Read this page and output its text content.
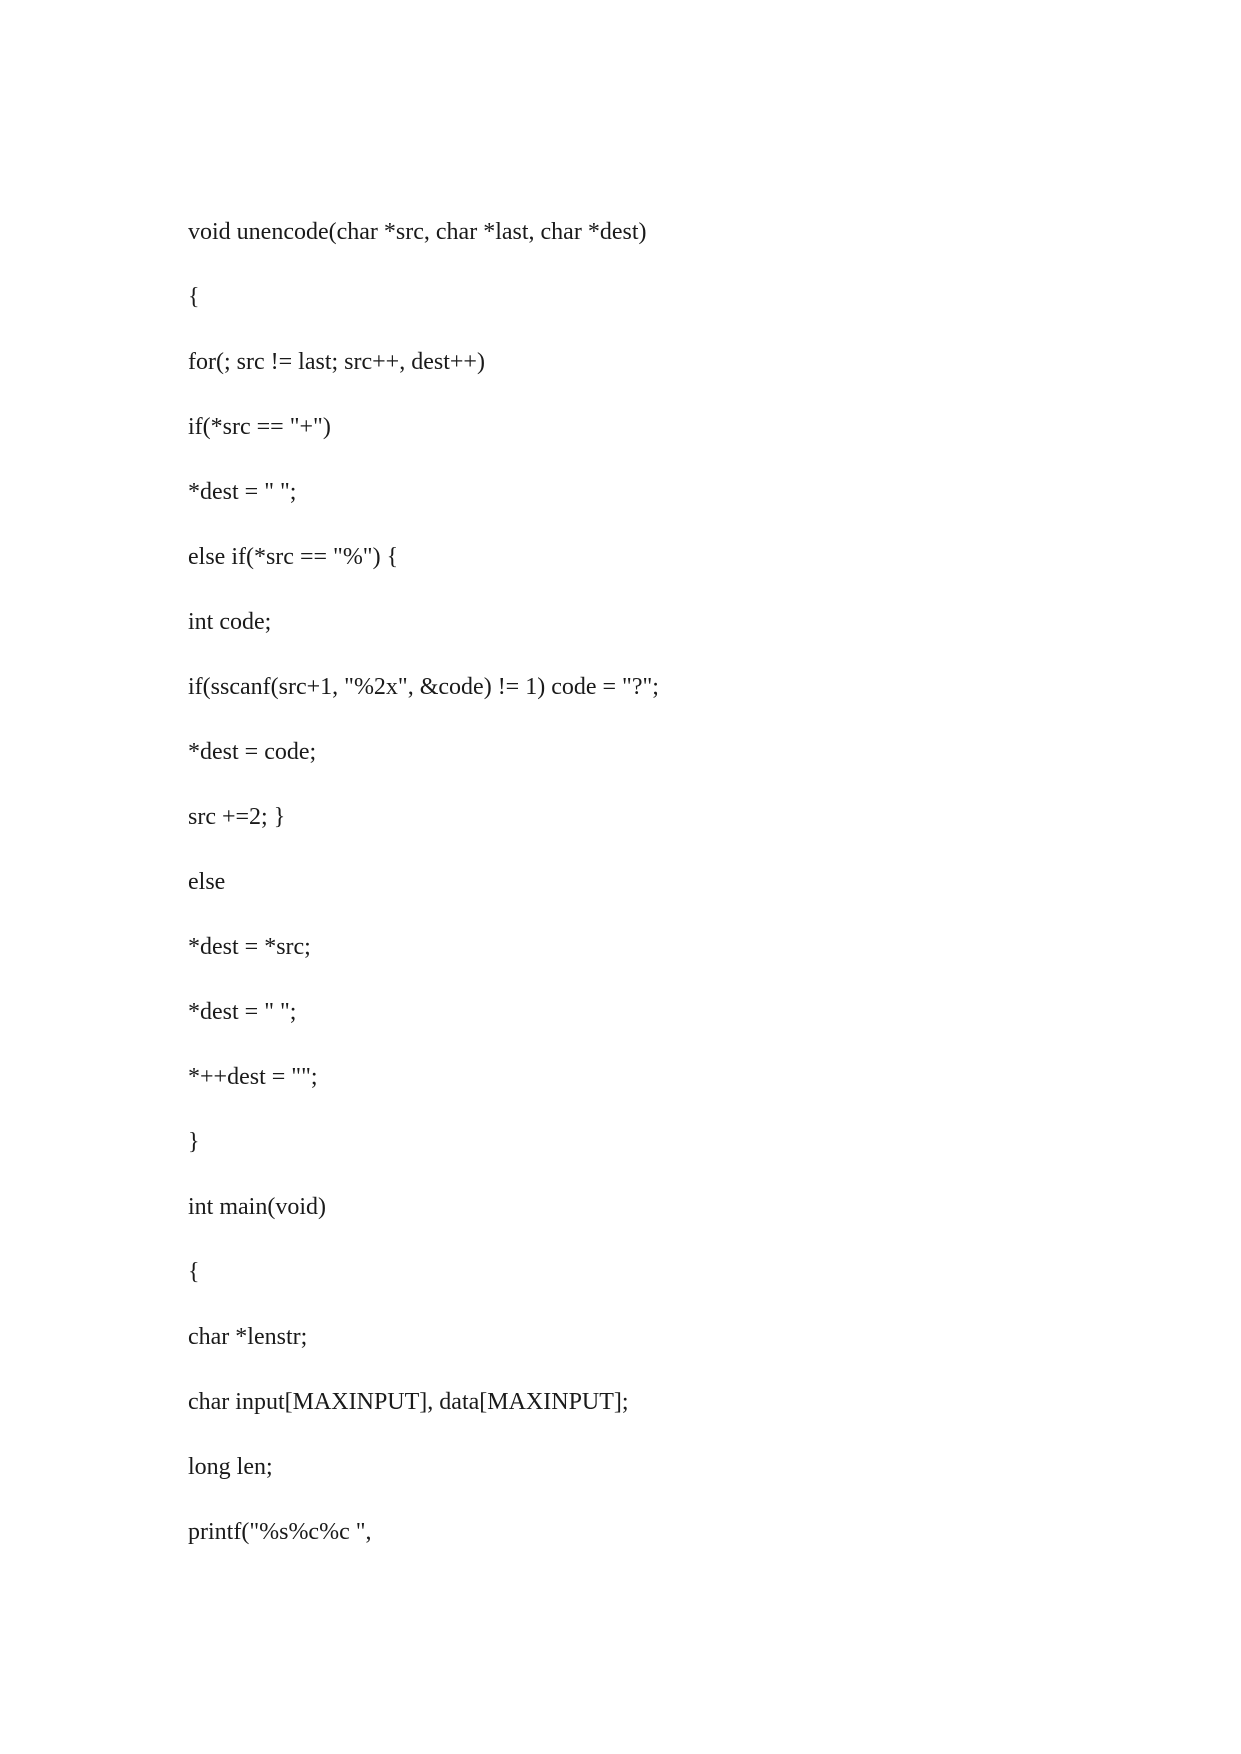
void unencode(char *src, char *last, char *dest)
{
for(; src != last; src++, dest++)
if(*src == "+")
*dest = " ";
else if(*src == "%") {
int code;
if(sscanf(src+1, "%2x", &code) != 1) code = "?";
*dest = code;
src +=2; }
else
*dest = *src;
*dest = " ";
*++dest = "";
}
int main(void)
{
char *lenstr;
char input[MAXINPUT], data[MAXINPUT];
long len;
printf("%s%c%c ",
